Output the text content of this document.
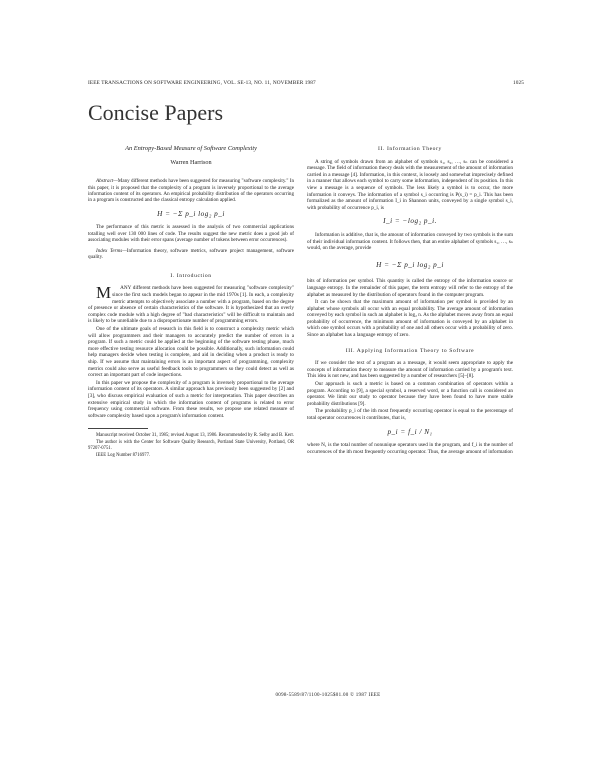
IEEE TRANSACTIONS ON SOFTWARE ENGINEERING, VOL. SE-13, NO. 11, NOVEMBER 1987	1025
Concise Papers
An Entropy-Based Measure of Software Complexity
Warren Harrison

Abstract—Many different methods have been suggested for measuring "software complexity." In this paper, it is proposed that the complexity of a program is inversely proportional to the average information content of its operators. An empirical probability distribution of the operators occurring in a program is constructed and the classical entropy calculation applied.

H = −Σ p_i log₂ p_i

The performance of this metric is assessed in the analysis of two commercial applications totalling well over 130 000 lines of code. The results suggest the new metric does a good job of associating modules with their error spans (average number of tokens between error occurrences).

Index Terms—Information theory, software metrics, software project management, software quality.

I. Introduction

M ANY different methods have been suggested for measuring "software complexity" since the first such models began to appear in the mid 1970s [1]. In each, a complexity metric attempts to objectively associate a number with a program, based on the degree of presence or absence of certain characteristics of the software. It is hypothesized that an overly complex code module with a high degree of "bad characteristics" will be difficult to maintain and is likely to be unreliable due to a disproportionate number of programming errors.

One of the ultimate goals of research in this field is to construct a complexity metric which will allow programmers and their managers to accurately predict the number of errors in a program. If such a metric could be applied at the beginning of the software testing phase, much more effective testing resource allocation could be possible. Additionally, such information could help managers decide when testing is complete, and aid in deciding when a product is ready to ship. If we assume that maintaining errors is an important aspect of programming, complexity metrics could also serve as useful feedback tools to programmers so they could detect as well as correct an important part of code inspections.

In this paper we propose the complexity of a program is inversely proportional to the average information content of its operators. A similar approach has previously been suggested by [2] and [3], who discuss empirical evaluation of such a metric for interpretation. This paper describes an extensive empirical study in which the information content of programs is related to error frequency using commercial software. From these results, we propose one related measure of software complexity based upon a program's information content.

Manuscript received October 31, 1985; revised August 13, 1986. Recommended by R. Selby and B. Kerr.

The author is with the Center for Software Quality Research, Portland State University, Portland, OR 97207-0751.

IEEE Log Number 8716977.

II. Information Theory

A string of symbols drawn from an alphabet of symbols s₁, s₂, …, sₙ can be considered a message. The field of information theory deals with the measurement of the amount of information carried in a message [4]. Information, in this context, is loosely and somewhat imprecisely defined in a manner that allows each symbol to carry some information, independent of its position. In this view a message is a sequence of symbols. The less likely a symbol is to occur, the more information it conveys. The information of a symbol s_i occurring is P(s_i) = p_i. This has been formalized as the amount of information I_i in Shannon units, conveyed by a single symbol s_i, with probability of occurrence p_i, is

I_i = −log₂ p_i.

Information is additive, that is, the amount of information conveyed by two symbols is the sum of their individual information content. It follows then, that an entire alphabet of symbols s₁, …, sₙ would, on the average, provide

H = −Σ p_i log₂ p_i

bits of information per symbol. This quantity is called the entropy of the information source or language entropy. In the remainder of this paper, the term entropy will refer to the entropy of the alphabet as measured by the distribution of operators found in the computer program.

It can be shown that the maximum amount of information per symbol is provided by an alphabet whose symbols all occur with an equal probability. The average amount of information conveyed by each symbol in such an alphabet is log₂ n. As the alphabet moves away from an equal probability of occurrence, the minimum amount of information is conveyed by an alphabet in which one symbol occurs with a probability of one and all others occur with a probability of zero. Since an alphabet has a language entropy of zero.

III. Applying Information Theory to Software

If we consider the text of a program as a message, it would seem appropriate to apply the concepts of information theory to measure the amount of information carried by a program's text. This idea is not new, and has been suggested by a number of researchers [5]–[8].

Our approach is such a metric is based on a common combination of operators within a program. According to [9], a special symbol, a reserved word, or a function call is considered an operator. We limit our study to operator because they have been found to have more stable probability distributions [9].

The probability p_i of the ith most frequently occurring operator is equal to the percentage of total operator occurrences it contributes, that is,

p_i = f_i / N₁

where N₁ is the total number of nonunique operators used in the program, and f_i is the number of occurrences of the ith most frequently occurring operator. Thus, the average amount of information

0098-5589/87/1100-1025$01.00 © 1987 IEEE
